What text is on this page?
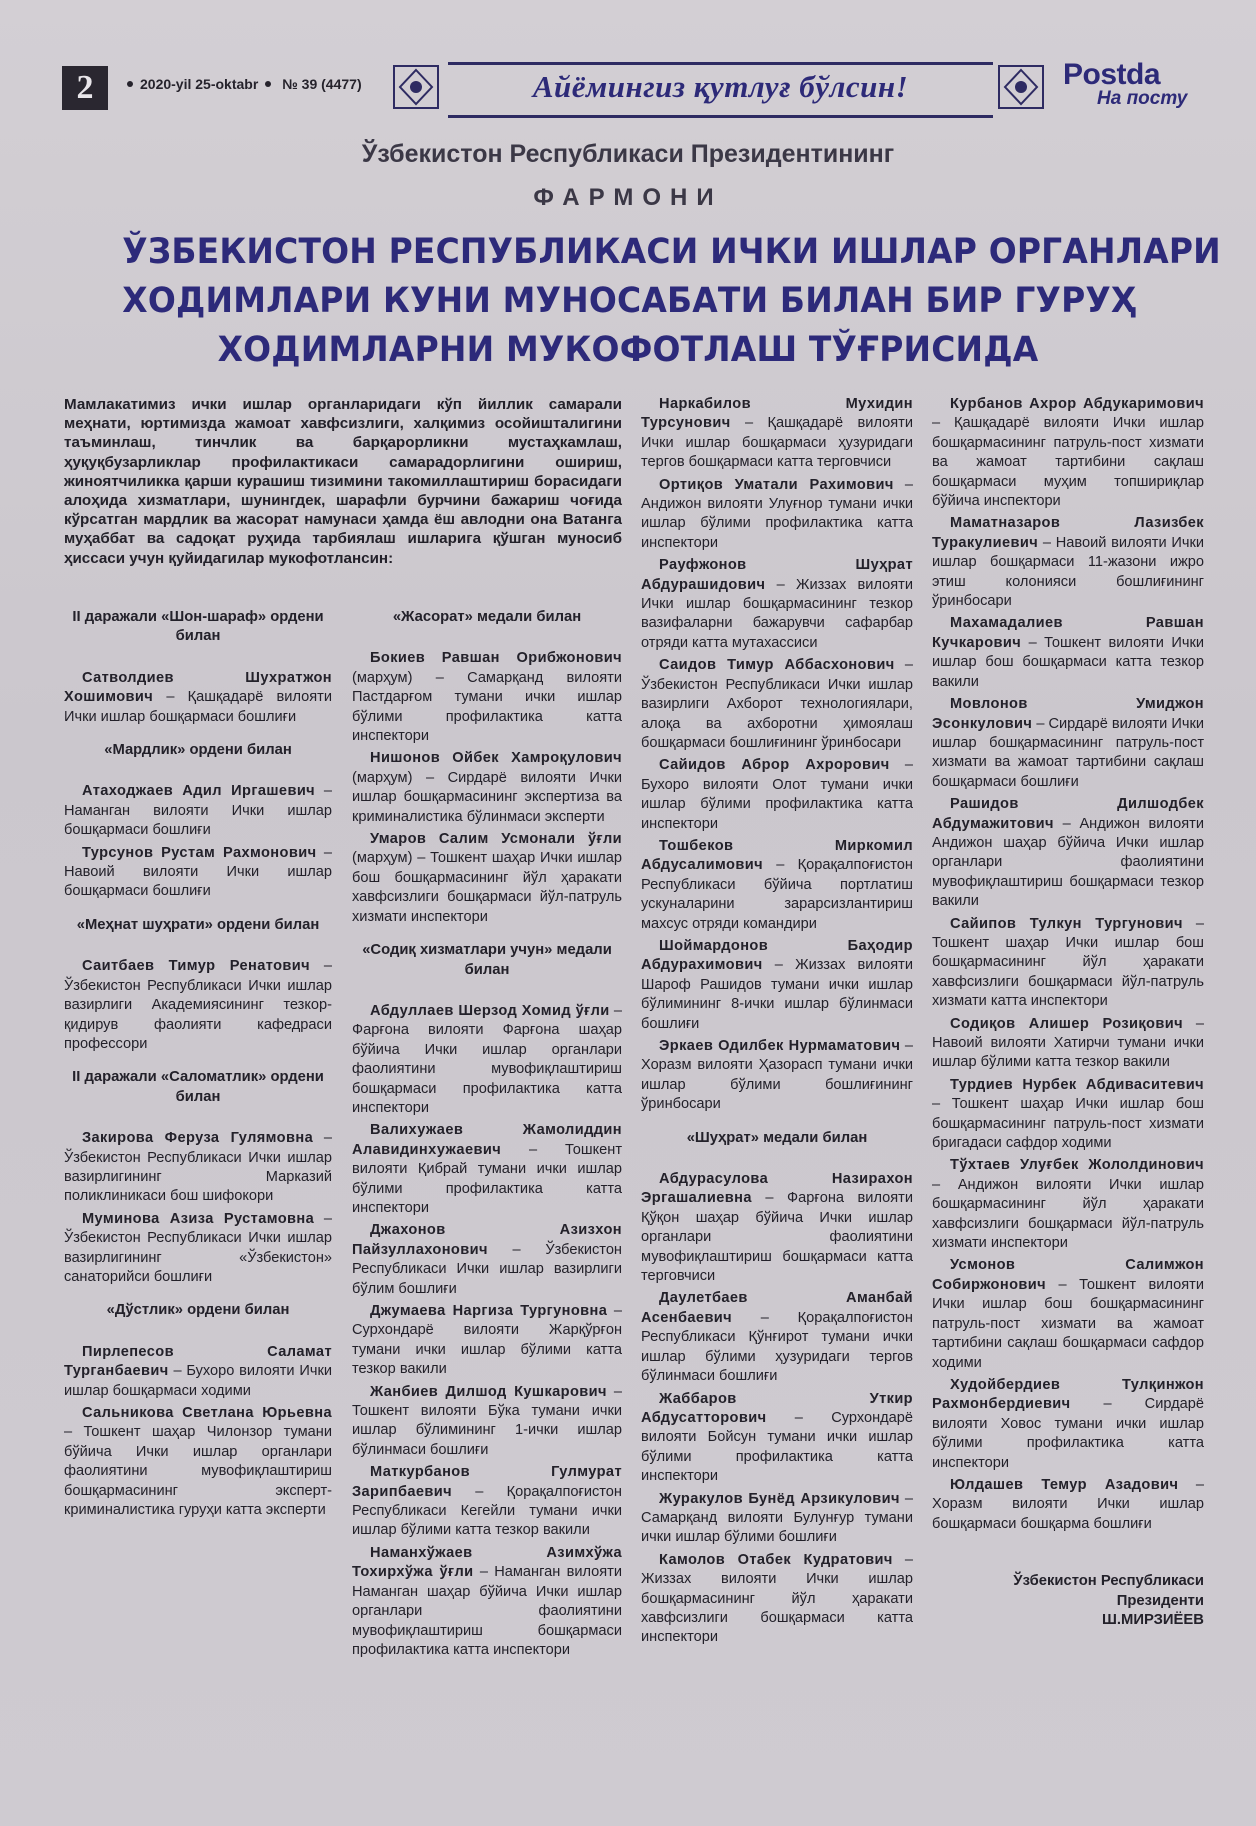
2	2020-yil 25-oktabr № 39 (4477)	Айёмингиз қутлуғ бўлсин!	Postda
На посту
Ўзбекистон Республикаси Президентининг
ФАРМОНИ
ЎЗБЕКИСТОН РЕСПУБЛИКАСИ ИЧКИ ИШЛАР ОРГАНЛАРИ
ХОДИМЛАРИ КУНИ МУНОСАБАТИ БИЛАН БИР ГУРУҲ
ХОДИМЛАРНИ МУКОФОТЛАШ ТЎҒРИСИДА
Мамлакатимиз ички ишлар органларидаги кўп йиллик самарали меҳнати, юртимизда жамоат хавфсизлиги, халқимиз осойишталигини таъминлаш, тинчлик ва барқарорликни мустаҳкамлаш, ҳуқуқбузарликлар профилактикаси самарадорлигини ошириш, жиноятчиликка қарши курашиш тизимини такомиллаштириш борасидаги алоҳида хизматлари, шунингдек, шарафли бурчини бажариш чоғида кўрсатган мардлик ва жасорат намунаси ҳамда ёш авлодни она Ватанга муҳаббат ва садоқат руҳида тарбиялаш ишларига қўшган муносиб ҳиссаси учун қуйидагилар мукофотлансин:
II даражали «Шон-шараф» ордени билан
Сатволдиев Шухратжон Хошимович – Қашқадарё вилояти Ички ишлар бошқармаси бошлиғи
«Мардлик» ордени билан
Атаходжаев Адил Иргашевич – Наманган вилояти Ички ишлар бошқармаси бошлиғи
Турсунов Рустам Рахмонович – Навоий вилояти Ички ишлар бошқармаси бошлиғи
«Меҳнат шуҳрати» ордени билан
Саитбаев Тимур Ренатович – Ўзбекистон Республикаси Ички ишлар вазирлиги Академиясининг тезкор-қидирув фаолияти кафедраси профессори
II даражали «Саломатлик» ордени билан
Закирова Феруза Гулямовна – Ўзбекистон Республикаси Ички ишлар вазирлигининг Марказий поликлиникаси бош шифокори
Муминова Азиза Рустамовна – Ўзбекистон Республикаси Ички ишлар вазирлигининг «Ўзбекистон» санаторийси бошлиғи
«Дўстлик» ордени билан
Пирлепесов Саламат Турганбаевич – Бухоро вилояти Ички ишлар бошқармаси ходими
Сальникова Светлана Юрьевна – Тошкент шаҳар Чилонзор тумани бўйича Ички ишлар органлари фаолиятини мувофиқлаштириш бошқармасининг эксперт-криминалистика гуруҳи катта эксперти
«Жасорат» медали билан
Бокиев Равшан Орибжонович (марҳум) – Самарқанд вилояти Пастдарғом тумани ички ишлар бўлими профилактика катта инспектори
Нишонов Ойбек Хамроқулович (марҳум) – Сирдарё вилояти Ички ишлар бошқармасининг экспертиза ва криминалистика бўлинмаси эксперти
Умаров Салим Усмонали ўғли (марҳум) – Тошкент шаҳар Ички ишлар бош бошқармасининг йўл ҳаракати хавфсизлиги бошқармаси йўл-патруль хизмати инспектори
«Содиқ хизматлари учун» медали билан
Абдуллаев Шерзод Хомид ўғли – Фарғона вилояти Фарғона шаҳар бўйича Ички ишлар органлари фаолиятини мувофиқлаштириш бошқармаси профилактика катта инспектори
Валихужаев Жамолиддин Алавидинхужаевич – Тошкент вилояти Қибрай тумани ички ишлар бўлими профилактика катта инспектори
Джахонов Азизхон Пайзуллахонович – Ўзбекистон Республикаси Ички ишлар вазирлиги бўлим бошлиғи
Джумаева Наргиза Тургуновна – Сурхондарё вилояти Жарқўрғон тумани ички ишлар бўлими катта тезкор вакили
Жанбиев Дилшод Кушкарович – Тошкент вилояти Бўка тумани ички ишлар бўлимининг 1-ички ишлар бўлинмаси бошлиғи
Маткурбанов Гулмурат Зарипбаевич – Қорақалпоғистон Республикаси Кегейли тумани ички ишлар бўлими катта тезкор вакили
Наманхўжаев Азимхўжа Тохирхўжа ўғли – Наманган вилояти Наманган шаҳар бўйича Ички ишлар органлари фаолиятини мувофиқлаштириш бошқармаси профилактика катта инспектори
Наркабилов Мухидин Турсунович – Қашқадарё вилояти Ички ишлар бошқармаси ҳузуридаги тергов бошқармаси катта терговчиси
Ортиқов Уматали Рахимович – Андижон вилояти Улуғнор тумани ички ишлар бўлими профилактика катта инспектори
Рауфжонов Шуҳрат Абдурашидович – Жиззах вилояти Ички ишлар бошқармасининг тезкор вазифаларни бажарувчи сафарбар отряди катта мутахассиси
Саидов Тимур Аббасхонович – Ўзбекистон Республикаси Ички ишлар вазирлиги Ахборот технологиялари, алоқа ва ахборотни ҳимоялаш бошқармаси бошлиғининг ўринбосари
Сайидов Аброр Ахрорович – Бухоро вилояти Олот тумани ички ишлар бўлими профилактика катта инспектори
Тошбеков Миркомил Абдусалимович – Қорақалпоғистон Республикаси бўйича портлатиш ускуналарини зарарсизлантириш махсус отряди командири
Шоймардонов Баҳодир Абдурахимович – Жиззах вилояти Шароф Рашидов тумани ички ишлар бўлимининг 8-ички ишлар бўлинмаси бошлиғи
Эркаев Одилбек Нурмаматович – Хоразм вилояти Ҳазорасп тумани ички ишлар бўлими бошлиғининг ўринбосари
«Шуҳрат» медали билан
Абдурасулова Назирахон Эргашалиевна – Фарғона вилояти Қўқон шаҳар бўйича Ички ишлар органлари фаолиятини мувофиқлаштириш бошқармаси катта терговчиси
Даулетбаев Аманбай Асенбаевич – Қорақалпоғистон Республикаси Қўнғирот тумани ички ишлар бўлими ҳузуридаги тергов бўлинмаси бошлиғи
Жаббаров Уткир Абдусатторович – Сурхондарё вилояти Бойсун тумани ички ишлар бўлими профилактика катта инспектори
Журакулов Бунёд Арзикулович – Самарқанд вилояти Булунғур тумани ички ишлар бўлими бошлиғи
Камолов Отабек Кудратович – Жиззах вилояти Ички ишлар бошқармасининг йўл ҳаракати хавфсизлиги бошқармаси катта инспектори
Курбанов Ахрор Абдукаримович – Қашқадарё вилояти Ички ишлар бошқармасининг патруль-пост хизмати ва жамоат тартибини сақлаш бошқармаси муҳим топшириқлар бўйича инспектори
Маматназаров Лазизбек Туракулиевич – Навоий вилояти Ички ишлар бошқармаси 11-жазони ижро этиш колонияси бошлиғининг ўринбосари
Махамадалиев Равшан Кучкарович – Тошкент вилояти Ички ишлар бош бошқармаси катта тезкор вакили
Мовлонов Умиджон Эсонкулович – Сирдарё вилояти Ички ишлар бошқармасининг патруль-пост хизмати ва жамоат тартибини сақлаш бошқармаси бошлиғи
Рашидов Дилшодбек Абдумажитович – Андижон вилояти Андижон шаҳар бўйича Ички ишлар органлари фаолиятини мувофиқлаштириш бошқармаси тезкор вакили
Сайипов Тулкун Тургунович – Тошкент шаҳар Ички ишлар бош бошқармасининг йўл ҳаракати хавфсизлиги бошқармаси йўл-патруль хизмати катта инспектори
Содиқов Алишер Розиқович – Навоий вилояти Хатирчи тумани ички ишлар бўлими катта тезкор вакили
Турдиев Нурбек Абдиваситевич – Тошкент шаҳар Ички ишлар бош бошқармасининг патруль-пост хизмати бригадаси сафдор ходими
Тўхтаев Улуғбек Жололдинович – Андижон вилояти Ички ишлар бошқармасининг йўл ҳаракати хавфсизлиги бошқармаси йўл-патруль хизмати инспектори
Усмонов Салимжон Собиржонович – Тошкент вилояти Ички ишлар бош бошқармасининг патруль-пост хизмати ва жамоат тартибини сақлаш бошқармаси сафдор ходими
Худойбердиев Тулқинжон Рахмонбердиевич – Сирдарё вилояти Ховос тумани ички ишлар бўлими профилактика катта инспектори
Юлдашев Темур Азадович – Хоразм вилояти Ички ишлар бошқармаси бошқарма бошлиғи
Ўзбекистон Республикаси
Президенти
Ш.МИРЗИЁЕВ
